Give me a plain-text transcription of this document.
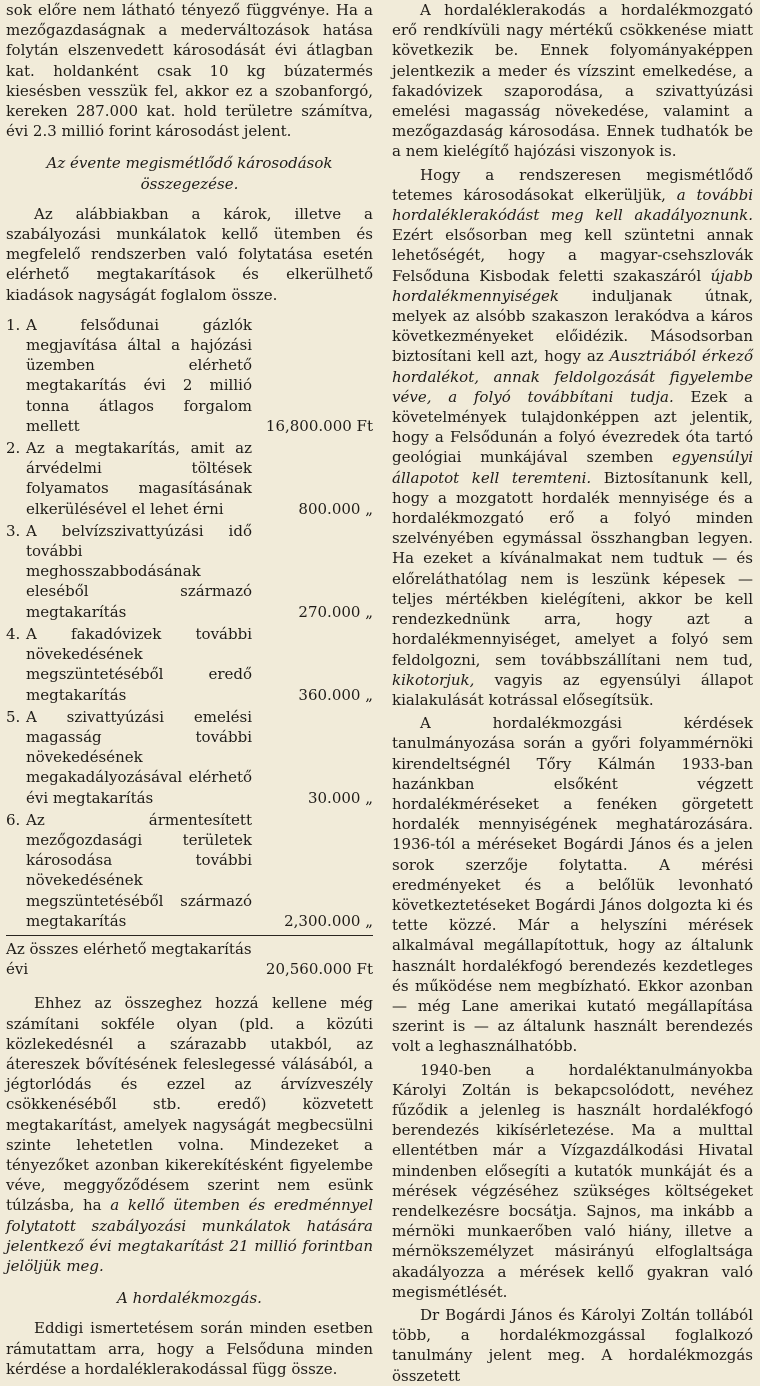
sok előre nem látható tényező függvénye. Ha a mezőgazdaságnak a mederváltozások hatása folytán elszenvedett károsodását évi átlagban kat. holdanként csak 10 kg búzatermés kiesésben vesszük fel, akkor ez a szobanforgó, kereken 287.000 kat. hold területre számítva, évi 2.3 millió forint károsodást jelent.

Az évente megismétlődő károsodások összegezése.

Az alábbiakban a károk, illetve a szabályozási munkálatok kellő ütemben és megfelelő rendszerben való folytatása esetén elérhető megtakarítások és elkerülhető kiadások nagyságát foglalom össze.

1. A felsődunai gázlók megjavítása által a hajózási üzemben elérhető megtakarítás évi 2 millió tonna átlagos forgalom mellett	16,800.000 Ft
2. Az a megtakarítás, amit az árvédelmi töltések folyamatos magasításának elkerülésével el lehet érni	800.000 „
3. A belvízszivattyúzási idő további meghosszabbodásának eleséből származó megtakarítás	270.000 „
4. A fakadóvizek további növekedésének megszüntetéséből eredő megtakarítás	360.000 „
5. A szivattyúzási emelési magasság további növekedésének megakadályozásával elérhető évi megtakarítás	30.000 „
6. Az ármentesített mezőgozdasági területek károsodása további növekedésének megszüntetéséből származó megtakarítás	2,300.000 „
Az összes elérhető megtakarítás évi	20,560.000 Ft

Ehhez az összeghez hozzá kellene még számítani sokféle olyan (pld. a közúti közlekedésnél a szárazabb utakból, az átereszek bővítésének feleslegessé válásából, a jégtorlódás és ezzel az árvízveszély csökkenéséből stb. eredő) közvetett megtakarítást, amelyek nagyságát megbecsülni szinte lehetetlen volna. Mindezeket a tényezőket azonban kikerekítésként figyelembe véve, meggyőződésem szerint nem esünk túlzásba, ha a kellő ütemben és eredménnyel folytatott szabályozási munkálatok hatására jelentkező évi megtakarítást 21 millió forintban jelöljük meg.

A hordalékmozgás.

Eddigi ismertetésem során minden esetben rámutattam arra, hogy a Felsőduna minden kérdése a hordaléklerakodással függ össze.

A hordaléklerakodás a hordalékmozgató erő rendkívüli nagy mértékű csökkenése miatt következik be. Ennek folyományaképpen jelentkezik a meder és vízszint emelkedése, a fakadóvizek szaporodása, a szivattyúzási emelési magasság növekedése, valamint a mezőgazdaság károsodása. Ennek tudhatók be a nem kielégítő hajózási viszonyok is.

Hogy a rendszeresen megismétlődő tetemes károsodásokat elkerüljük, a további hordaléklerakódást meg kell akadályoznunk. Ezért elsősorban meg kell szüntetni annak lehetőségét, hogy a magyar-csehszlovák Felsőduna Kisbodak feletti szakaszáról újabb hordalékmennyiségek induljanak útnak, melyek az alsóbb szakaszon lerakódva a káros következményeket előidézik. Másodsorban biztosítani kell azt, hogy az Ausztriából érkező hordalékot, annak feldolgozását figyelembe véve, a folyó továbbítani tudja. Ezek a követelmények tulajdonképpen azt jelentik, hogy a Felsődunán a folyó évezredek óta tartó geológiai munkájával szemben egyensúlyi állapotot kell teremteni. Biztosítanunk kell, hogy a mozgatott hordalék mennyisége és a hordalékmozgató erő a folyó minden szelvényében egymással összhangban legyen. Ha ezeket a kívánalmakat nem tudtuk — és előreláthatólag nem is leszünk képesek — teljes mértékben kielégíteni, akkor be kell rendezkednünk arra, hogy azt a hordalékmennyiséget, amelyet a folyó sem feldolgozni, sem továbbszállítani nem tud, kikotorjuk, vagyis az egyensúlyi állapot kialakulását kotrással elősegítsük.

A hordalékmozgási kérdések tanulmányozása során a győri folyammérnöki kirendeltségnél Tőry Kálmán 1933-ban hazánkban elsőként végzett hordalékméréseket a fenéken görgetett hordalék mennyiségének meghatározására. 1936-tól a méréseket Bogárdi János és a jelen sorok szerzője folytatta. A mérési eredményeket és a belőlük levonható következtetéseket Bogárdi János dolgozta ki és tette közzé. Már a helyszíni mérések alkalmával megállapítottuk, hogy az általunk használt hordalékfogó berendezés kezdetleges és működése nem megbízható. Ekkor azonban — még Lane amerikai kutató megállapítása szerint is — az általunk használt berendezés volt a leghasználhatóbb.

1940-ben a hordaléktanulmányokba Károlyi Zoltán is bekapcsolódott, nevéhez fűződik a jelenleg is használt hordalékfogó berendezés kikísérletezése. Ma a multtal ellentétben már a Vízgazdálkodási Hivatal mindenben elősegíti a kutatók munkáját és a mérések végzéséhez szükséges költségeket rendelkezésre bocsátja. Sajnos, ma inkább a mérnöki munkaerőben való hiány, illetve a mérnökszemélyzet másirányú elfoglaltsága akadályozza a mérések kellő gyakran való megismétlését.

Dr Bogárdi János és Károlyi Zoltán tollából több, a hordalékmozgással foglalkozó tanulmány jelent meg. A hordalékmozgás összetett
